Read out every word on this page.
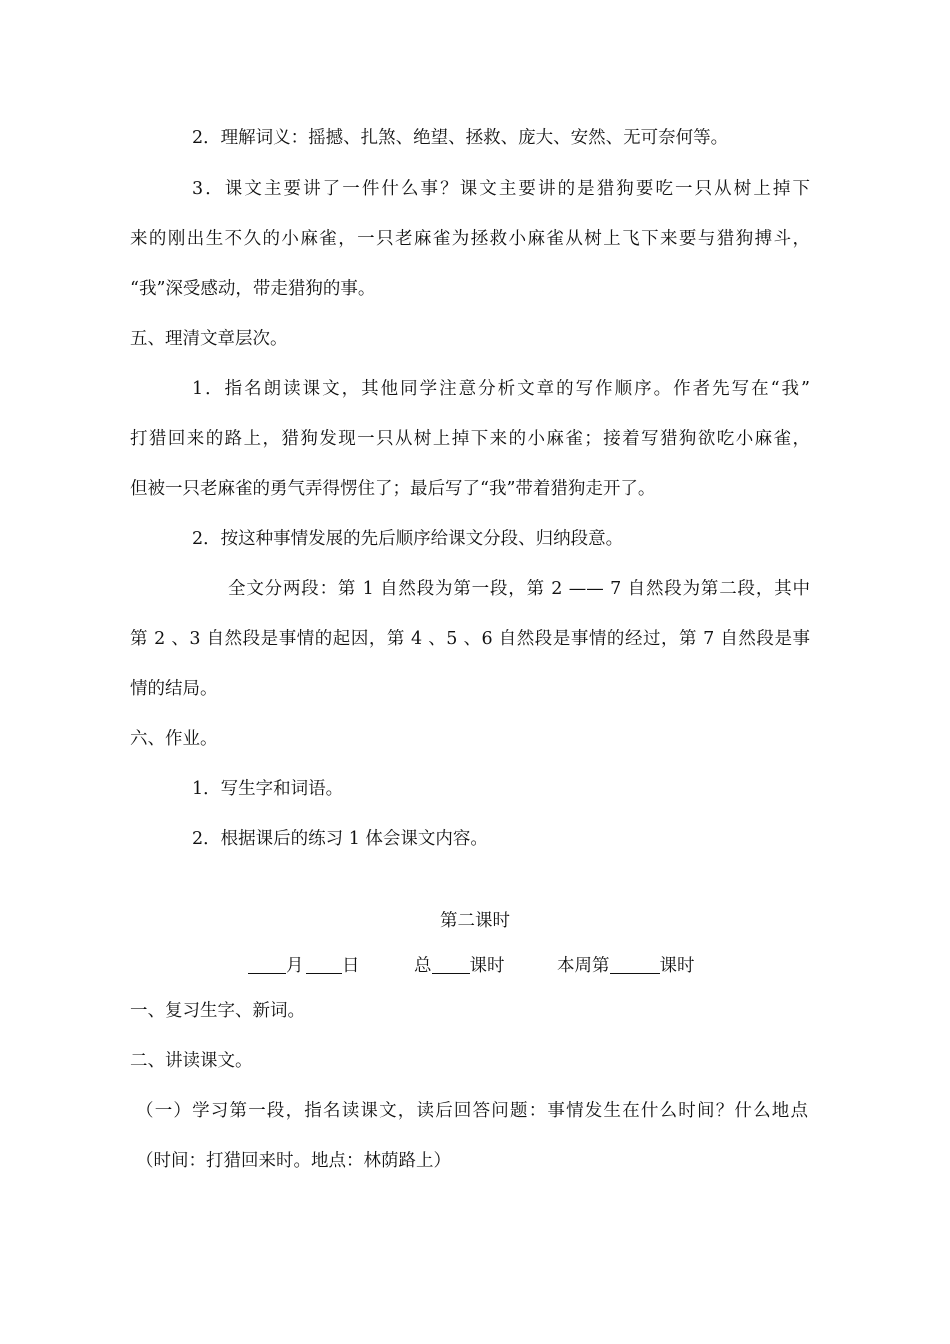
2．理解词义：摇撼、扎煞、绝望、拯救、庞大、安然、无可奈何等。
3．课文主要讲了一件什么事？课文主要讲的是猎狗要吃一只从树上掉下
来的刚出生不久的小麻雀，一只老麻雀为拯救小麻雀从树上飞下来要与猎狗搏斗，
“我”深受感动，带走猎狗的事。
五、理清文章层次。
1．指名朗读课文，其他同学注意分析文章的写作顺序。作者先写在“我”
打猎回来的路上，猎狗发现一只从树上掉下来的小麻雀；接着写猎狗欲吃小麻雀，
但被一只老麻雀的勇气弄得愣住了；最后写了“我”带着猎狗走开了。
2．按这种事情发展的先后顺序给课文分段、归纳段意。
全文分两段：第 1 自然段为第一段，第 2 —— 7 自然段为第二段，其中
第 2 、3 自然段是事情的起因，第 4 、5 、6 自然段是事情的经过，第 7 自然段是事
情的结局。
六、作业。
1．写生字和词语。
2．根据课后的练习 1 体会课文内容。
第二课时
月	日	总 课时	本周第	课时
一、复习生字、新词。
二、讲读课文。
（一）学习第一段，指名读课文，读后回答问题：事情发生在什么时间？什么地点
（时间：打猎回来时。地点：林荫路上）
